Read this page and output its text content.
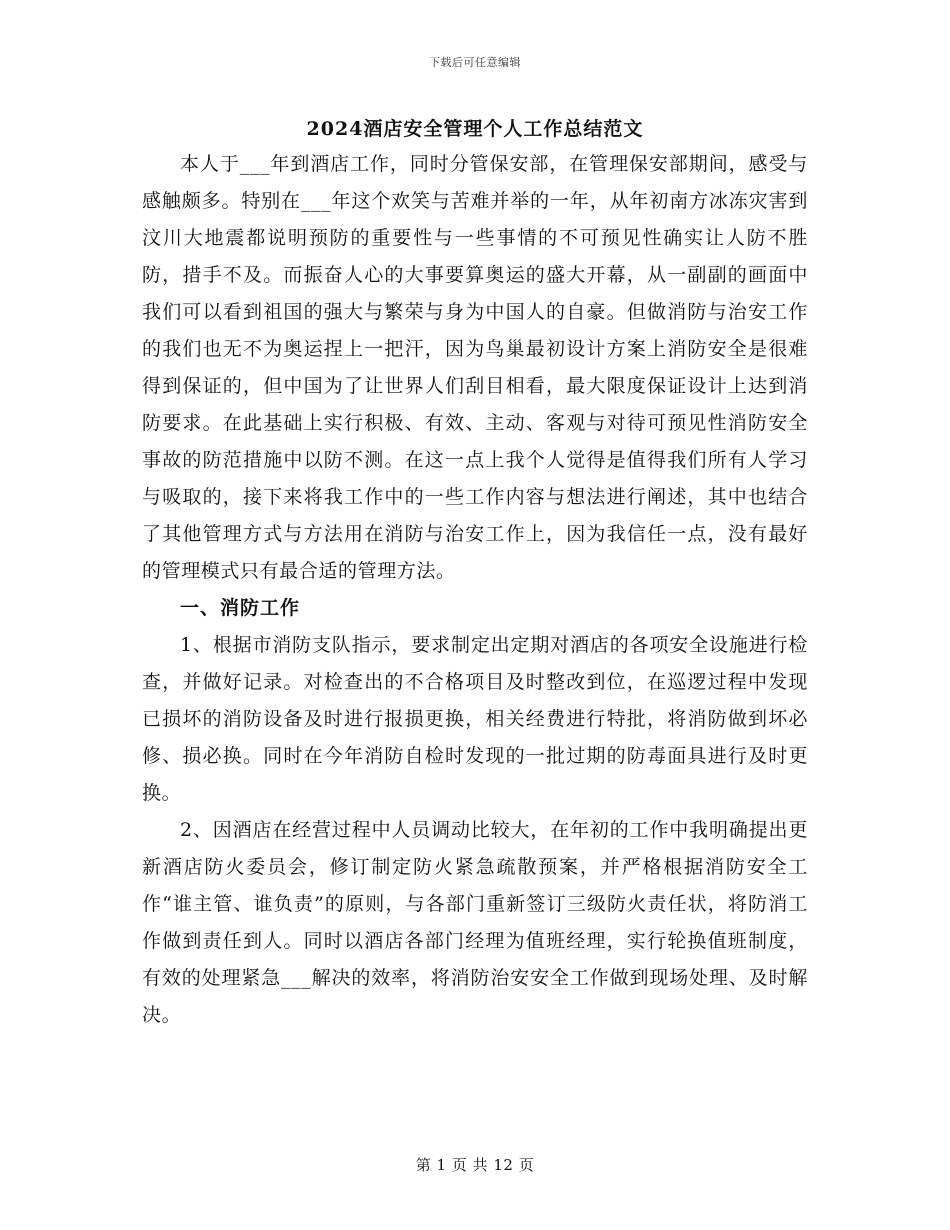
下载后可任意编辑
2024酒店安全管理个人工作总结范文

本人于___年到酒店工作，同时分管保安部，在管理保安部期间，感受与感触颇多。特别在___年这个欢笑与苦难并举的一年，从年初南方冰冻灾害到汶川大地震都说明预防的重要性与一些事情的不可预见性确实让人防不胜防，措手不及。而振奋人心的大事要算奥运的盛大开幕，从一副副的画面中我们可以看到祖国的强大与繁荣与身为中国人的自豪。但做消防与治安工作的我们也无不为奥运捏上一把汗，因为鸟巢最初设计方案上消防安全是很难得到保证的，但中国为了让世界人们刮目相看，最大限度保证设计上达到消防要求。在此基础上实行积极、有效、主动、客观与对待可预见性消防安全事故的防范措施中以防不测。在这一点上我个人觉得是值得我们所有人学习与吸取的，接下来将我工作中的一些工作内容与想法进行阐述，其中也结合了其他管理方式与方法用在消防与治安工作上，因为我信任一点，没有最好的管理模式只有最合适的管理方法。

一、消防工作

1、根据市消防支队指示，要求制定出定期对酒店的各项安全设施进行检查，并做好记录。对检查出的不合格项目及时整改到位，在巡逻过程中发现已损坏的消防设备及时进行报损更换，相关经费进行特批，将消防做到坏必修、损必换。同时在今年消防自检时发现的一批过期的防毒面具进行及时更换。

2、因酒店在经营过程中人员调动比较大，在年初的工作中我明确提出更新酒店防火委员会，修订制定防火紧急疏散预案，并严格根据消防安全工作“谁主管、谁负责”的原则，与各部门重新签订三级防火责任状，将防消工作做到责任到人。同时以酒店各部门经理为值班经理，实行轮换值班制度，有效的处理紧急___解决的效率，将消防治安安全工作做到现场处理、及时解决。

第 1 页 共 12 页
